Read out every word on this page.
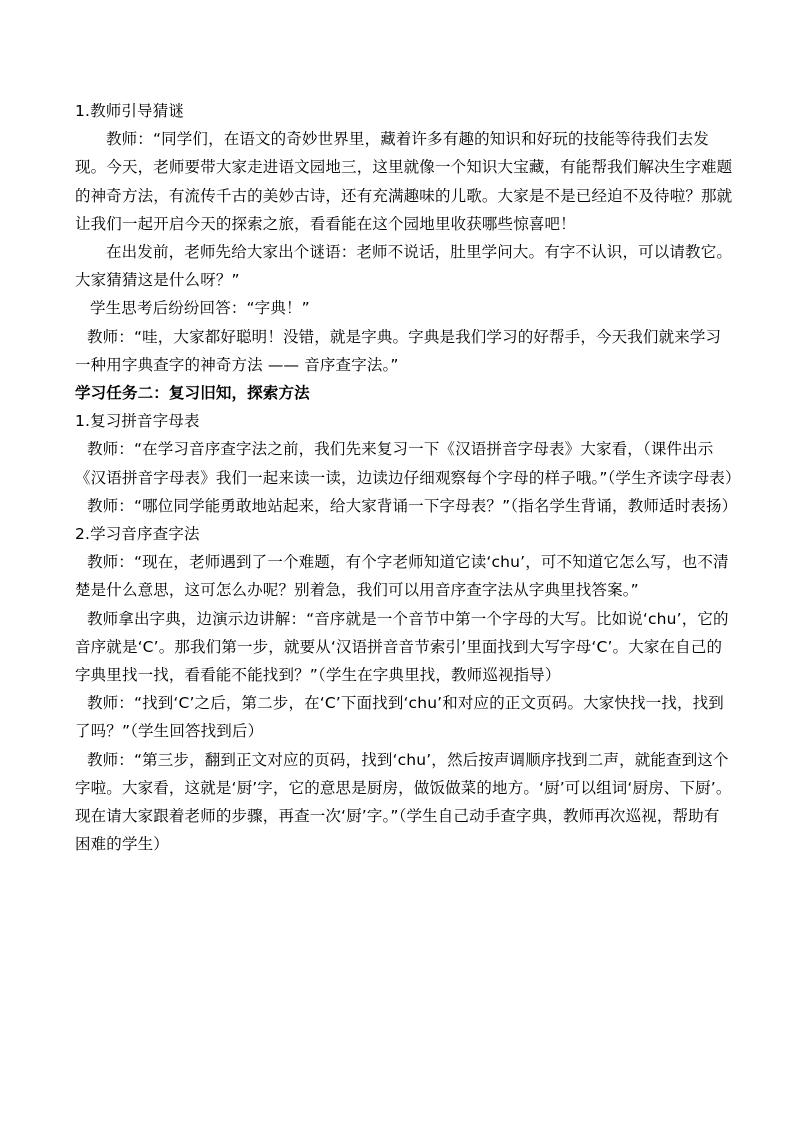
1.教师引导猜谜

教师：“同学们，在语文的奇妙世界里，藏着许多有趣的知识和好玩的技能等待我们去发现。今天，老师要带大家走进语文园地三，这里就像一个知识大宝藏，有能帮我们解决生字难题的神奇方法，有流传千古的美妙古诗，还有充满趣味的儿歌。大家是不是已经迫不及待啦？那就让我们一起开启今天的探索之旅，看看能在这个园地里收获哪些惊喜吧！

在出发前，老师先给大家出个谜语：老师不说话，肚里学问大。有字不认识，可以请教它。大家猜猜这是什么呀？”

学生思考后纷纷回答：“字典！”

教师：“哇，大家都好聪明！没错，就是字典。字典是我们学习的好帮手，今天我们就来学习一种用字典查字的神奇方法 —— 音序查字法。”

学习任务二：复习旧知，探索方法

1.复习拼音字母表

教师：“在学习音序查字法之前，我们先来复习一下《汉语拼音字母表》大家看，（课件出示《汉语拼音字母表》我们一起来读一读，边读边仔细观察每个字母的样子哦。”（学生齐读字母表）

教师：“哪位同学能勇敢地站起来，给大家背诵一下字母表？”（指名学生背诵，教师适时表扬）

2.学习音序查字法

教师：“现在，老师遇到了一个难题，有个字老师知道它读‘chu’，可不知道它怎么写，也不清楚是什么意思，这可怎么办呢？别着急，我们可以用音序查字法从字典里找答案。”

教师拿出字典，边演示边讲解：“音序就是一个音节中第一个字母的大写。比如说‘chu’，它的音序就是‘C’。那我们第一步，就要从‘汉语拼音音节索引’里面找到大写字母‘C’。大家在自己的字典里找一找，看看能不能找到？”（学生在字典里找，教师巡视指导）

教师：“找到‘C’之后，第二步，在‘C’下面找到‘chu’和对应的正文页码。大家快找一找，找到了吗？”（学生回答找到后）

教师：“第三步，翻到正文对应的页码，找到‘chu’，然后按声调顺序找到二声，就能查到这个字啦。大家看，这就是‘厨’字，它的意思是厨房，做饭做菜的地方。‘厨’可以组词‘厨房、下厨’。现在请大家跟着老师的步骤，再查一次‘厨’字。”（学生自己动手查字典，教师再次巡视，帮助有困难的学生）
